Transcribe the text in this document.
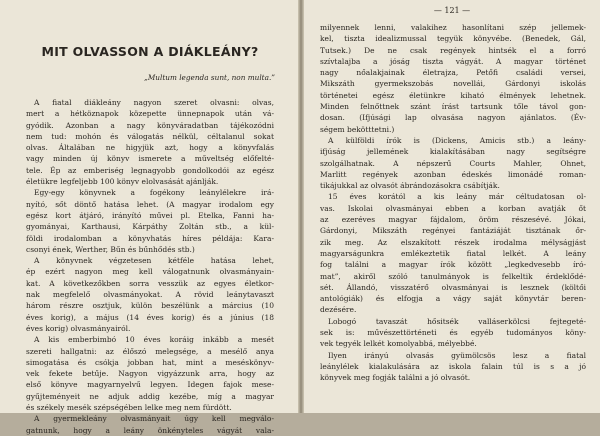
MIT OLVASSON A DIÁKLEÁNY?
„Multum legenda sunt, non multa.”
A fiatal diákleány nagyon szeret olvasni: olvas,
mert a hétköznapok közepette ünnepnapok után vá-
gyódik. Azonban a nagy könyváradatban tájékozódni
nem tud: mohón és válogatás nélkül, céltalanul sokat
olvas. Általában ne higyjük azt, hogy a könyvfalás
vagy minden új könyv ismerete a műveltség előfelté-
tele. Ép az emberiség legnagyobb gondolkodói az egész
életükre legfeljebb 100 könyv elolvasását ajánlják.
Egy-egy könyvnek a fogékony leánylélekre irá-
nyító, sőt döntő hatása lehet. (A magyar irodalom egy
egész kort átjáró, irányító művei pl. Etelka, Fanni ha-
gyományai, Karthausi, Kárpáthy Zoltán stb., a kül-
földi irodalomban a könyvhatás híres példája: Kara-
csonyi ének, Werther, Bűn és bűnhődés stb.)
A könyvnek végzetesen kétféle hatása lehet,
ép ezért nagyon meg kell válogatnunk olvasmányain-
kat. A következőkben sorra vesszük az egyes életkor-
nak megfelelő olvasmányokat. A rövid leánytavaszt
három részre osztjuk, külön beszélünk a március (10
éves korig), a május (14 éves korig) és a június (18
éves korig) olvasmányairól.
A kis emberbimbó 10 éves koráig inkább a mesét
szereti hallgatni: az élőszó melegsége, a mesélő anya
simogatása és csókja jobban hat, mint a meséskönyv-
vek fekete betűje. Nagyon vigyázzunk arra, hogy az
első könyve magyarnyelvű legyen. Idegen fajok mese-
gyűjteményeit ne adjuk addig kezébe, míg a magyar
és székely mesék szépségében lelke meg nem fürdött.
A gyermekleány olvasmányait úgy kell megválo-
gatnunk, hogy a leány önkényteles vágyát vala-
— 121 —
milyennek lenni, valakihez hasonlítani szép jellemek-
kel, tiszta idealizmussal tegyük könyvébe. (Benedek, Gál,
Tutsek.) De ne csak regények hintsék el a forró
szívtalajba a jóság tiszta vágyát. A magyar történet
nagy nőalakjainak életrajza, Petőfi családi versei,
Mikszáth gyermekszobás novellái, Gárdonyi iskolás
történetei egész életünkre kiható élmények lehetnek.
Minden felnőttnek szánt írást tartsunk tőle távol gon-
dosan. (Ifjúsági lap olvasása nagyon ajánlatos. (Év-
ségem bekötttetni.)
A külföldi írók is (Dickens, Amicis stb.) a leány-
ifjúság jellemének kialakításában nagy segítségre
szolgálhatnak. A népszerű Courts Mahler, Ohnet,
Marlitt regények azonban édeskés limonádé roman-
tikájukkal az olvasót ábrándozásokra csábítják.
15 éves korától a kis leány már céltudatosan ol-
vas. Iskolai olvasmányai ebben a korban avatják őt
az ezeréves magyar fájdalom, öröm részesévé. Jókai,
Gárdonyi, Mikszáth regényei fantáziáját tisztának őr-
zik meg. Az elszakított részek irodalma mélyságjást
magyarságunkra emlékeztetik fiatal lelkét. A leány
fog találni a magyar írók között „legkedvesebb író-
mat”, akiről szóló tanulmányok is felkeltik érdeklődé-
sét. Állandó, visszatérő olvasmányai is lesznek (költői
antológiák) és elfogja a vágy saját könyvtár beren-
dezésére.
Lobogó tavaszát hősitsék valláserkölcsi fejtegeté-
sek is: művészettörténeti és egyéb tudományos köny-
vek tegyék lelkét komolyabbá, mélyebbé.
Ilyen irányú olvasás gyümölcsös lesz a fiatal
leánylélek kialakulására az iskola falain túl is s a jó
könyvek meg fogják találni a jó olvasót.
